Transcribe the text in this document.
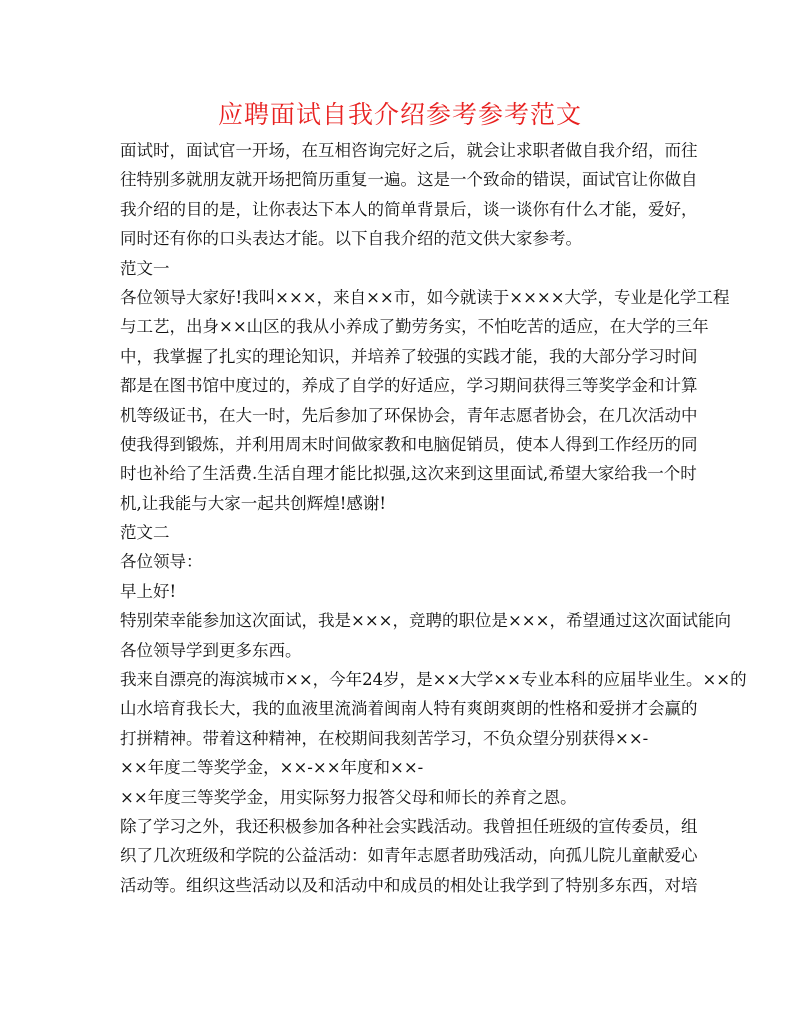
应聘面试自我介绍参考参考范文
面试时，面试官一开场，在互相咨询完好之后，就会让求职者做自我介绍，而往
往特别多就朋友就开场把简历重复一遍。这是一个致命的错误，面试官让你做自
我介绍的目的是，让你表达下本人的简单背景后，谈一谈你有什么才能，爱好，
同时还有你的口头表达才能。以下自我介绍的范文供大家参考。
范文一
各位领导大家好!我叫×××，来自××市，如今就读于××××大学，专业是化学工程
与工艺，出身××山区的我从小养成了勤劳务实，不怕吃苦的适应，在大学的三年
中，我掌握了扎实的理论知识，并培养了较强的实践才能，我的大部分学习时间
都是在图书馆中度过的，养成了自学的好适应，学习期间获得三等奖学金和计算
机等级证书，在大一时，先后参加了环保协会，青年志愿者协会，在几次活动中
使我得到锻炼，并利用周末时间做家教和电脑促销员，使本人得到工作经历的同
时也补给了生活费.生活自理才能比拟强,这次来到这里面试,希望大家给我一个时
机,让我能与大家一起共创辉煌!感谢!
范文二
各位领导：
早上好!
特别荣幸能参加这次面试，我是×××，竞聘的职位是×××，希望通过这次面试能向
各位领导学到更多东西。
我来自漂亮的海滨城市××，今年24岁，是××大学××专业本科的应届毕业生。××的
山水培育我长大，我的血液里流淌着闽南人特有爽朗爽朗的性格和爱拼才会赢的
打拼精神。带着这种精神，在校期间我刻苦学习，不负众望分别获得××-
××年度二等奖学金，××-××年度和××-
××年度三等奖学金，用实际努力报答父母和师长的养育之恩。
除了学习之外，我还积极参加各种社会实践活动。我曾担任班级的宣传委员，组
织了几次班级和学院的公益活动：如青年志愿者助残活动，向孤儿院儿童献爱心
活动等。组织这些活动以及和活动中和成员的相处让我学到了特别多东西，对培
